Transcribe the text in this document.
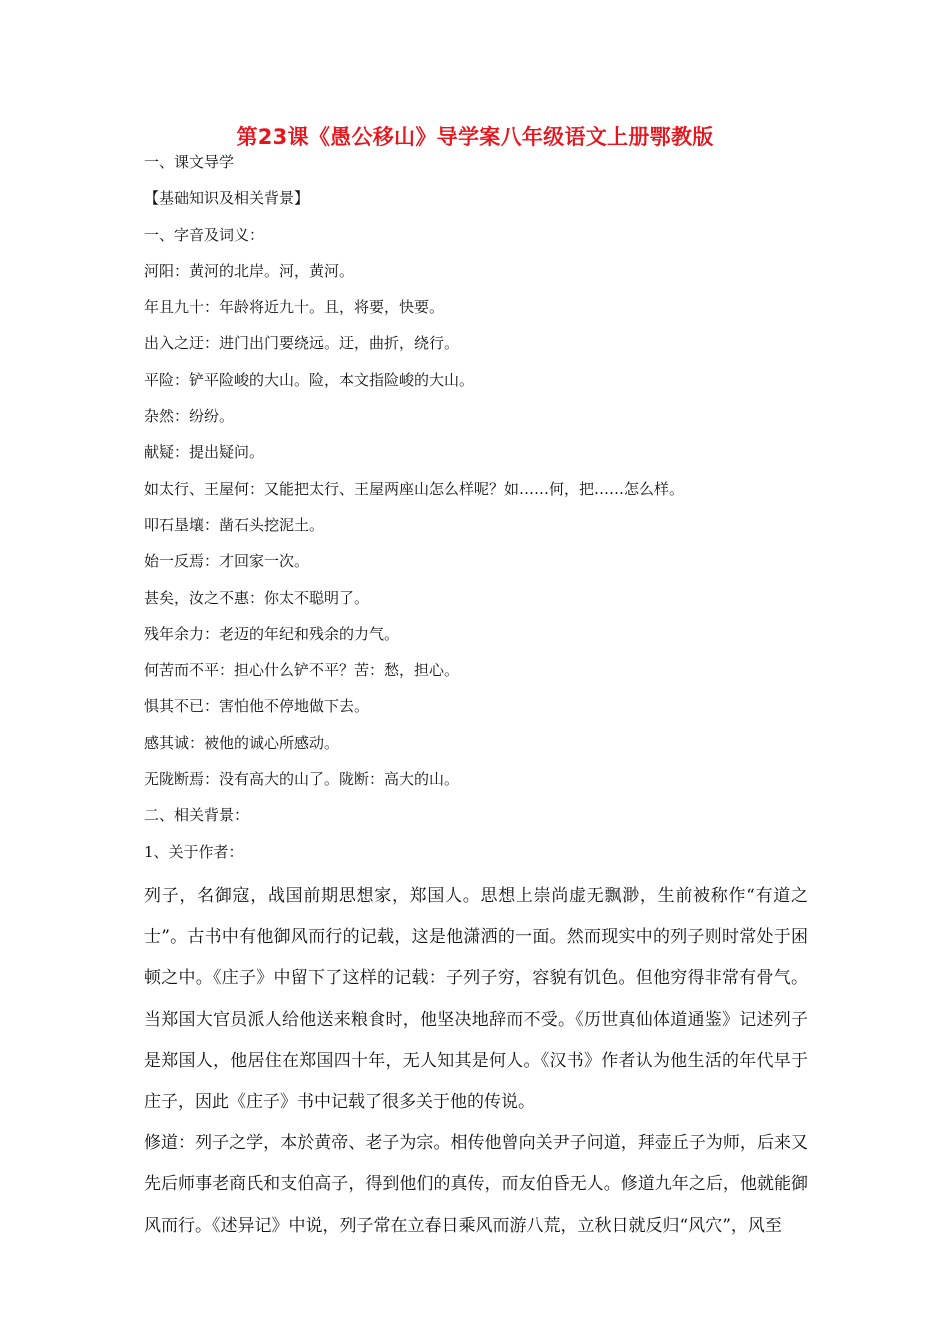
第23课《愚公移山》导学案八年级语文上册鄂教版
一、课文导学
【基础知识及相关背景】
一、字音及词义：
河阳：黄河的北岸。河，黄河。
年且九十：年龄将近九十。且，将要，快要。
出入之迂：进门出门要绕远。迂，曲折，绕行。
平险：铲平险峻的大山。险，本文指险峻的大山。
杂然：纷纷。
献疑：提出疑问。
如太行、王屋何：又能把太行、王屋两座山怎么样呢？如……何，把……怎么样。
叩石垦壤：凿石头挖泥土。
始一反焉：才回家一次。
甚矣，汝之不惠：你太不聪明了。
残年余力：老迈的年纪和残余的力气。
何苦而不平：担心什么铲不平？苦：愁，担心。
惧其不已：害怕他不停地做下去。
感其诚：被他的诚心所感动。
无陇断焉：没有高大的山了。陇断：高大的山。
二、相关背景：
1、关于作者：
列子，名御寇，战国前期思想家，郑国人。思想上崇尚虚无飘渺，生前被称作“有道之士”。古书中有他御风而行的记载，这是他潇洒的一面。然而现实中的列子则时常处于困顿之中。《庄子》中留下了这样的记载：子列子穷，容貌有饥色。但他穷得非常有骨气。当郑国大官员派人给他送来粮食时，他坚决地辞而不受。《历世真仙体道通鉴》记述列子是郑国人，他居住在郑国四十年，无人知其是何人。《汉书》作者认为他生活的年代早于庄子，因此《庄子》书中记载了很多关于他的传说。
修道：列子之学，本於黄帝、老子为宗。相传他曾向关尹子问道，拜壶丘子为师，后来又先后师事老商氏和支伯高子，得到他们的真传，而友伯昏无人。修道九年之后，他就能御风而行。《述异记》中说，列子常在立春日乘风而游八荒，立秋日就反归“风穴”，风至
